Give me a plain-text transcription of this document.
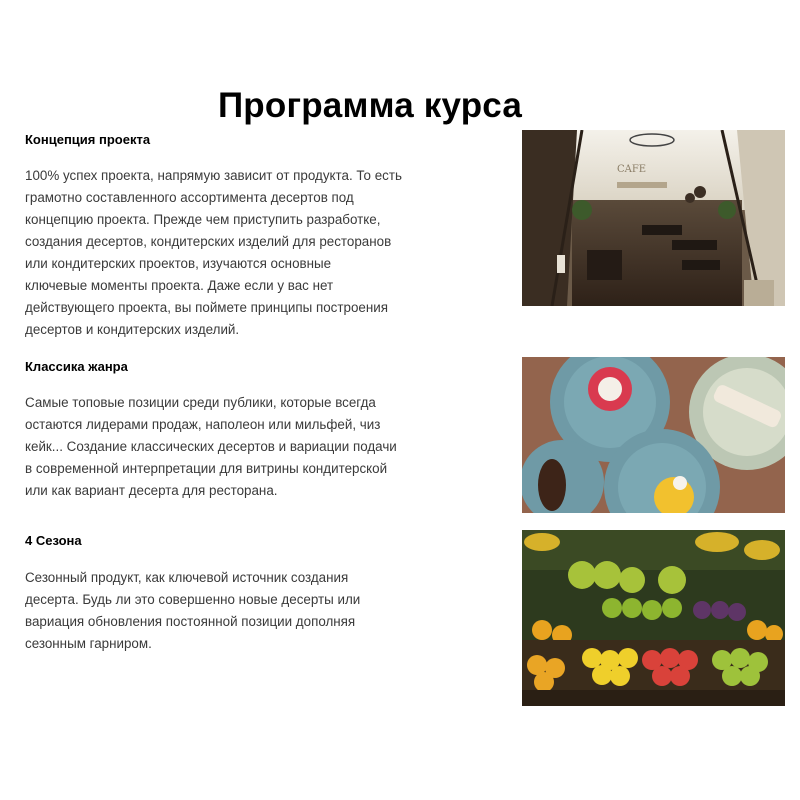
Программа курса
Концепция проекта
100% успех проекта, напрямую зависит от продукта. То есть
грамотно составленного ассортимента десертов под
концепцию проекта. Прежде чем приступить разработке,
создания десертов, кондитерских изделий для ресторанов
или кондитерских проектов, изучаются основные
ключевые моменты проекта. Даже если у вас нет
действующего проекта, вы поймете принципы построения
десертов и кондитерских изделий.
Классика жанра
Самые топовые позиции среди публики, которые всегда
остаются лидерами продаж, наполеон или мильфей, чиз
кейк... Создание классических десертов и вариации подачи
в современной интерпретации для витрины кондитерской
или как вариант десерта для ресторана.
4 Сезона
Сезонный продукт, как ключевой источник создания
десерта. Будь ли это совершенно новые десерты или
вариация обновления постоянной позиции дополняя
сезонным гарниром.
CAFE
